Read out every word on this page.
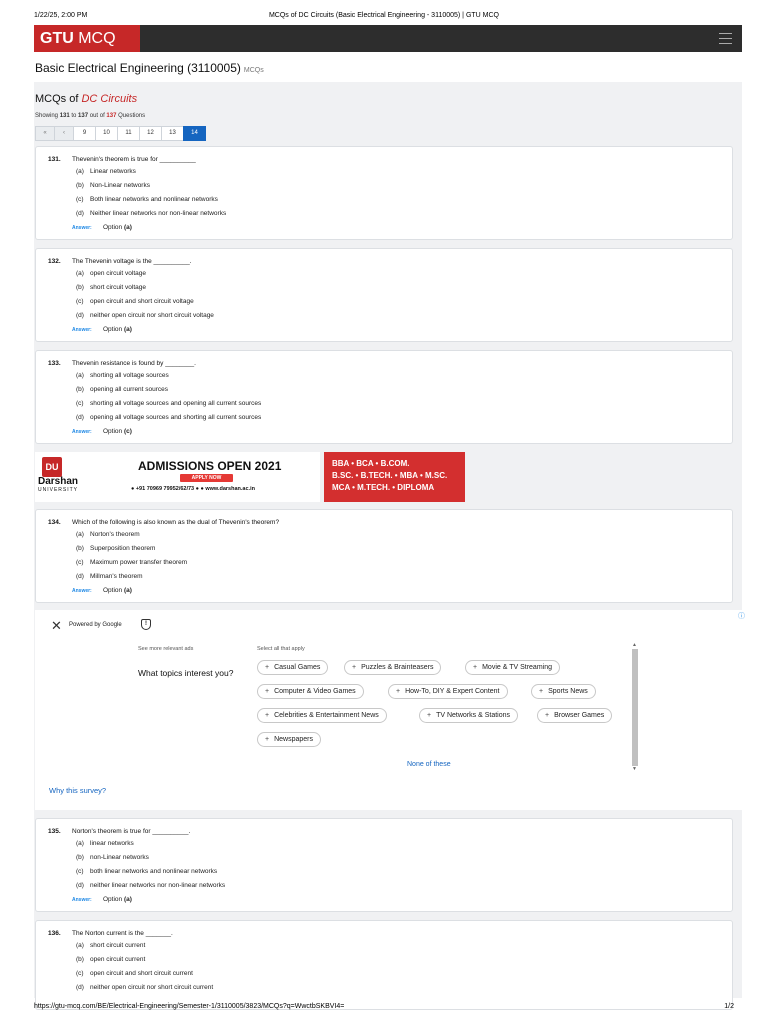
1/22/25, 2:00 PM	MCQs of DC Circuits (Basic Electrical Engineering - 3110005) | GTU MCQ
GTU MCQ
Basic Electrical Engineering (3110005) MCQs
MCQs of DC Circuits
Showing 131 to 137 out of 137 Questions
«	‹	9	10	11	12	13	14
131. Thevenin's theorem is true for __________
(a) Linear networks
(b) Non-Linear networks
(c) Both linear networks and nonlinear networks
(d) Neither linear networks nor non-linear networks
Answer: Option (a)
132. The Thevenin voltage is the __________.
(a) open circuit voltage
(b) short circuit voltage
(c) open circuit and short circuit voltage
(d) neither open circuit nor short circuit voltage
Answer: Option (a)
133. Thevenin resistance is found by ________.
(a) shorting all voltage sources
(b) opening all current sources
(c) shorting all voltage sources and opening all current sources
(d) opening all voltage sources and shorting all current sources
Answer: Option (c)
134. Which of the following is also known as the dual of Thevenin's theorem?
(a) Norton's theorem
(b) Superposition theorem
(c) Maximum power transfer theorem
(d) Millman's theorem
Answer: Option (a)
135. Norton's theorem is true for __________.
(a) linear networks
(b) non-Linear networks
(c) both linear networks and nonlinear networks
(d) neither linear networks nor non-linear networks
Answer: Option (a)
136. The Norton current is the _______.
(a) short circuit current
(b) open circuit current
(c) open circuit and short circuit current
(d) neither open circuit nor short circuit current
DU
Darshan
UNIVERSITY
ADMISSIONS OPEN 2021
APPLY NOW
● +91 70969 79952/62/73 ● ● www.darshan.ac.in
BBA • BCA • B.COM.
B.SC. • B.TECH. • MBA • M.SC.
MCA • M.TECH. • DIPLOMA
✕ Powered by Google	!
ⓘ
See more relevant ads
What topics interest you?
Select all that apply
+ Casual Games	+ Puzzles & Brainteasers	+ Movie & TV Streaming
+ Computer & Video Games	+ How-To, DIY & Expert Content	+ Sports News
+ Celebrities & Entertainment News	+ TV Networks & Stations	+ Browser Games
+ Newspapers
None of these
▲
▼
Why this survey?
https://gtu-mcq.com/BE/Electrical-Engineering/Semester-1/3110005/3823/MCQs?q=WwctbSKBVI4=	1/2
